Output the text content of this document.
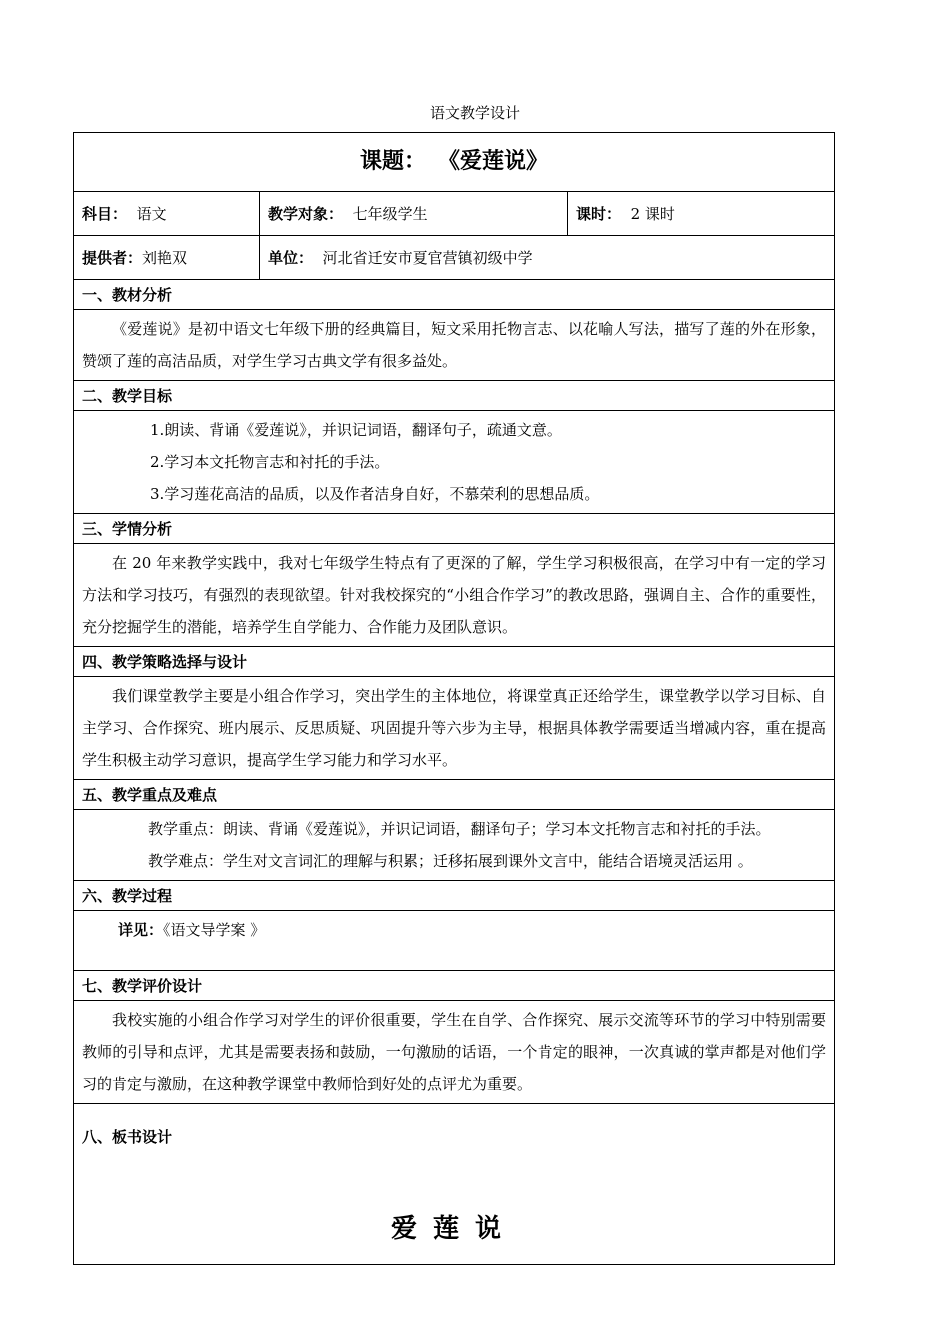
语文教学设计
课题： 《爱莲说》		
科目： 语文	教学对象： 七年级学生	课时： 2 课时
提供者：刘艳双	单位： 河北省迁安市夏官营镇初级中学	
一、教材分析		

《爱莲说》是初中语文七年级下册的经典篇目，短文采用托物言志、以花喻人写法，描写了莲的外在形象，赞颂了莲的高洁品质，对学生学习古典文学有很多益处。		

二、教学目标		

1.朗读、背诵《爱莲说》，并识记词语，翻译句子，疏通文意。

2.学习本文托物言志和衬托的手法。

3.学习莲花高洁的品质，以及作者洁身自好，不慕荣利的思想品质。		

三、学情分析		

在 20 年来教学实践中，我对七年级学生特点有了更深的了解，学生学习积极很高，在学习中有一定的学习方法和学习技巧，有强烈的表现欲望。针对我校探究的“小组合作学习”的教改思路，强调自主、合作的重要性，充分挖掘学生的潜能，培养学生自学能力、合作能力及团队意识。		

四、教学策略选择与设计		

我们课堂教学主要是小组合作学习，突出学生的主体地位，将课堂真正还给学生，课堂教学以学习目标、自主学习、合作探究、班内展示、反思质疑、巩固提升等六步为主导，根据具体教学需要适当增减内容，重在提高学生积极主动学习意识，提高学生学习能力和学习水平。		

五、教学重点及难点		

教学重点：朗读、背诵《爱莲说》，并识记词语，翻译句子；学习本文托物言志和衬托的手法。

教学难点：学生对文言词汇的理解与积累；迁移拓展到课外文言中，能结合语境灵活运用 。		

六、教学过程		

详见：《语文导学案 》		

七、教学评价设计		

我校实施的小组合作学习对学生的评价很重要，学生在自学、合作探究、展示交流等环节的学习中特别需要教师的引导和点评，尤其是需要表扬和鼓励，一句激励的话语，一个肯定的眼神，一次真诚的掌声都是对他们学习的肯定与激励，在这种教学课堂中教师恰到好处的点评尤为重要。		

八、板书设计
爱莲说		
